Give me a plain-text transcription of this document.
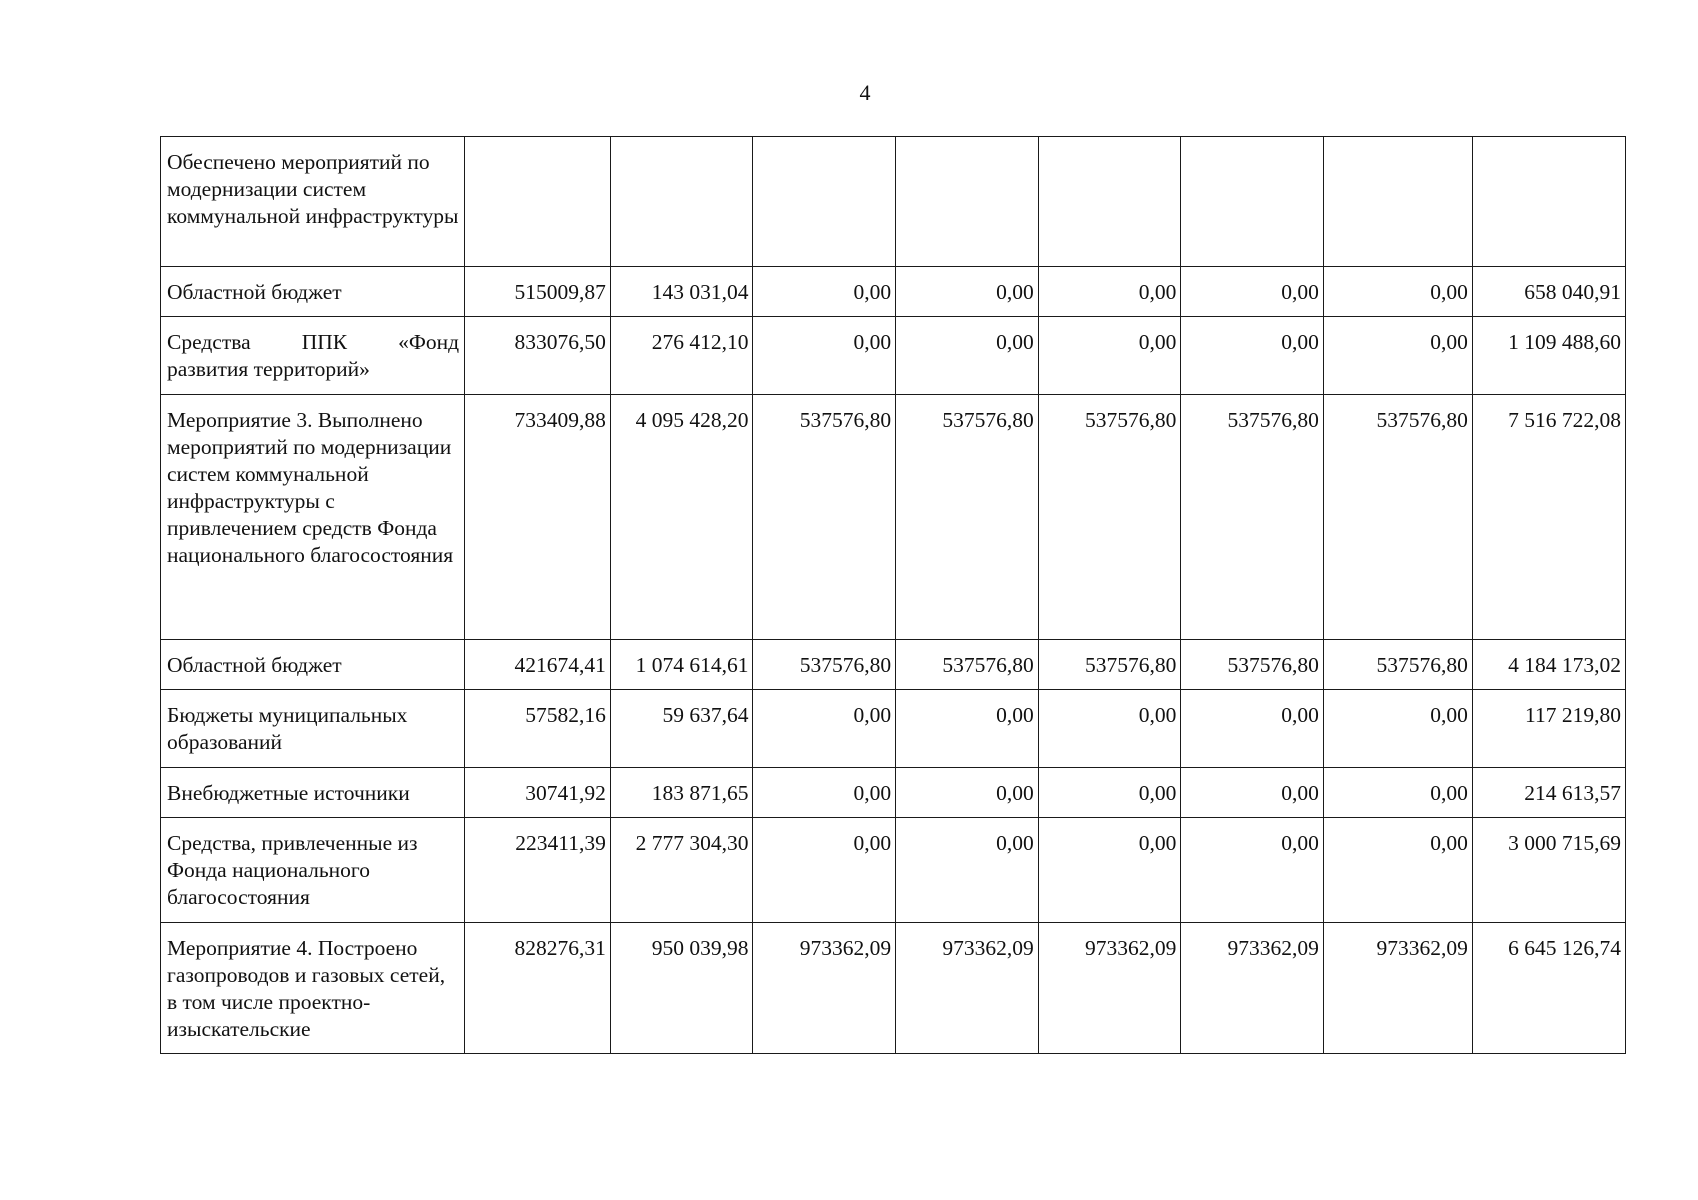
4
Обеспечено мероприятий по модернизации систем коммунальной инфраструктуры								
Областной бюджет	515009,87	143 031,04	0,00	0,00	0,00	0,00	0,00	658 040,91

Средства ППК «Фонд
развития территорий»	833076,50	276 412,10	0,00	0,00	0,00	0,00	0,00	1 109 488,60
Мероприятие 3. Выполнено мероприятий по модернизации систем коммунальной инфраструктуры с привлечением средств Фонда национального благосостояния	733409,88	4 095 428,20	537576,80	537576,80	537576,80	537576,80	537576,80	7 516 722,08
Областной бюджет	421674,41	1 074 614,61	537576,80	537576,80	537576,80	537576,80	537576,80	4 184 173,02
Бюджеты муниципальных образований	57582,16	59 637,64	0,00	0,00	0,00	0,00	0,00	117 219,80
Внебюджетные источники	30741,92	183 871,65	0,00	0,00	0,00	0,00	0,00	214 613,57
Средства, привлеченные из Фонда национального благосостояния	223411,39	2 777 304,30	0,00	0,00	0,00	0,00	0,00	3 000 715,69
Мероприятие 4. Построено газопроводов и газовых сетей, в том числе проектно-изыскательские	828276,31	950 039,98	973362,09	973362,09	973362,09	973362,09	973362,09	6 645 126,74
